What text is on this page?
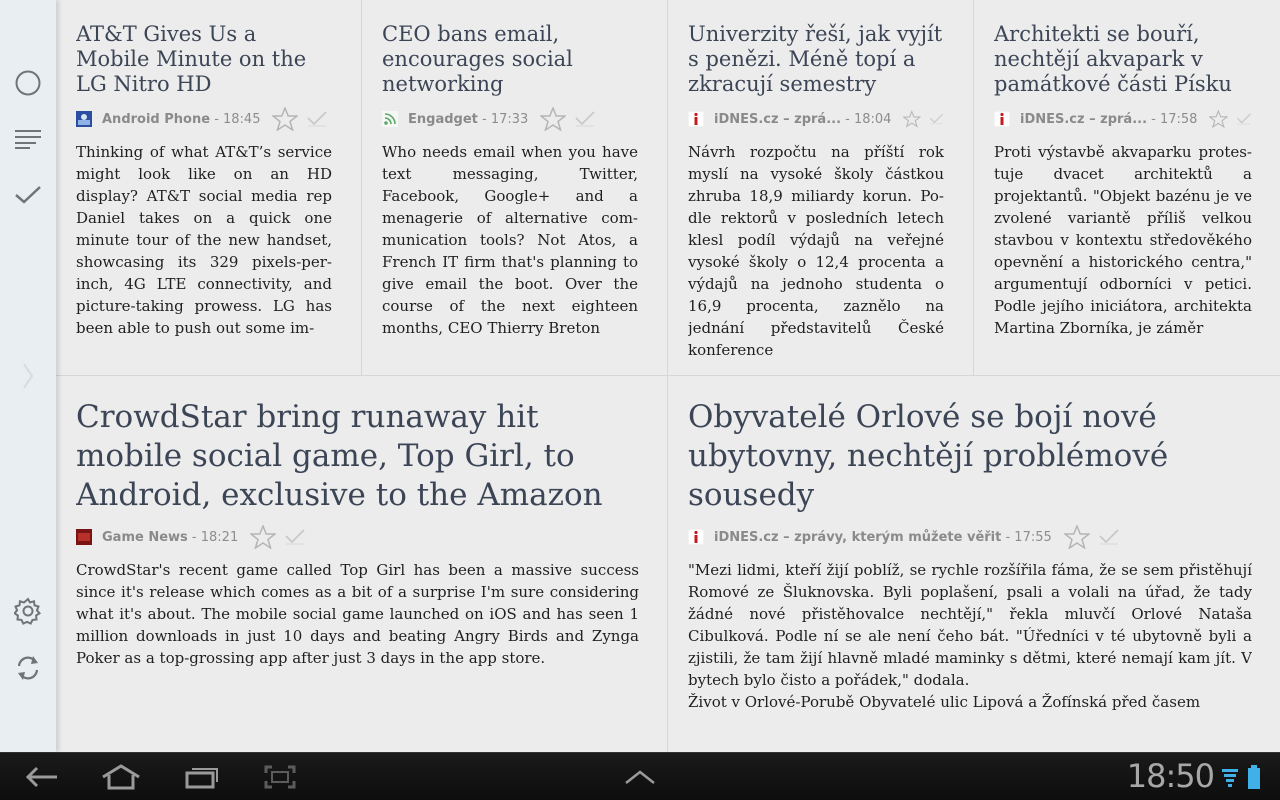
AT&T Gives Us a Mobile Minute on the LG Nitro HD
Android Phone
- 18:45

Thinking of what AT&T’s service might look like on an HD display? AT&T social media rep Daniel takes on a quick one minute tour of the new handset, showcasing its 329 pixels-per-inch, 4G LTE connectivity, and picture-taking prowess. LG has been able to push out some im-

CEO bans email, encourages social networking
Engadget
- 17:33

Who needs email when you have text messaging, Twitter, Facebook, Google+ and a menagerie of alternative com-munication tools? Not Atos, a French IT firm that's planning to give email the boot. Over the course of the next eighteen months, CEO Thierry Breton

Univerzity řeší, jak vyjít s penězi. Méně topí a zkracují semestry
iDNES.cz – zprá...
- 18:04

Návrh rozpočtu na příští rok myslí na vysoké školy částkou zhruba 18,9 miliardy korun. Po-dle rektorů v posledních letech klesl podíl výdajů na veřejné vysoké školy o 12,4 procenta a výdajů na jednoho studenta o 16,9 procenta, zaznělo na jednání představitelů České konference

Architekti se bouří, nechtějí akvapark v památkové části Písku
iDNES.cz – zprá...
- 17:58

Proti výstavbě akvaparku protes-tuje dvacet architektů a projektantů. "Objekt bazénu je ve zvolené variantě příliš velkou stavbou v kontextu středověkého opevnění a historického centra," argumentují odborníci v petici. Podle jejího iniciátora, architekta Martina Zborníka, je záměr

CrowdStar bring runaway hit mobile social game, Top Girl, to Android, exclusive to the Amazon
Game News
- 18:21

CrowdStar's recent game called Top Girl has been a massive success since it's release which comes as a bit of a surprise I'm sure considering what it's about. The mobile social game launched on iOS and has seen 1 million downloads in just 10 days and beating Angry Birds and Zynga Poker as a top-grossing app after just 3 days in the app store.

Obyvatelé Orlové se bojí nové ubytovny, nechtějí problémové sousedy
iDNES.cz – zprávy, kterým můžete věřit
- 17:55

"Mezi lidmi, kteří žijí poblíž, se rychle rozšířila fáma, že se sem přistěhují Romové ze Šluknovska. Byli poplašení, psali a volali na úřad, že tady žádné nové přistěhovalce nechtějí," řekla mluvčí Orlové Nataša Cibulková. Podle ní se ale není čeho bát. "Úředníci v té ubytovně byli a zjistili, že tam žijí hlavně mladé maminky s dětmi, které nemají kam jít. V bytech bylo čisto a pořádek," dodala.

Život v Orlové-Porubě Obyvatelé ulic Lipová a Žofínská před časem

18:50
